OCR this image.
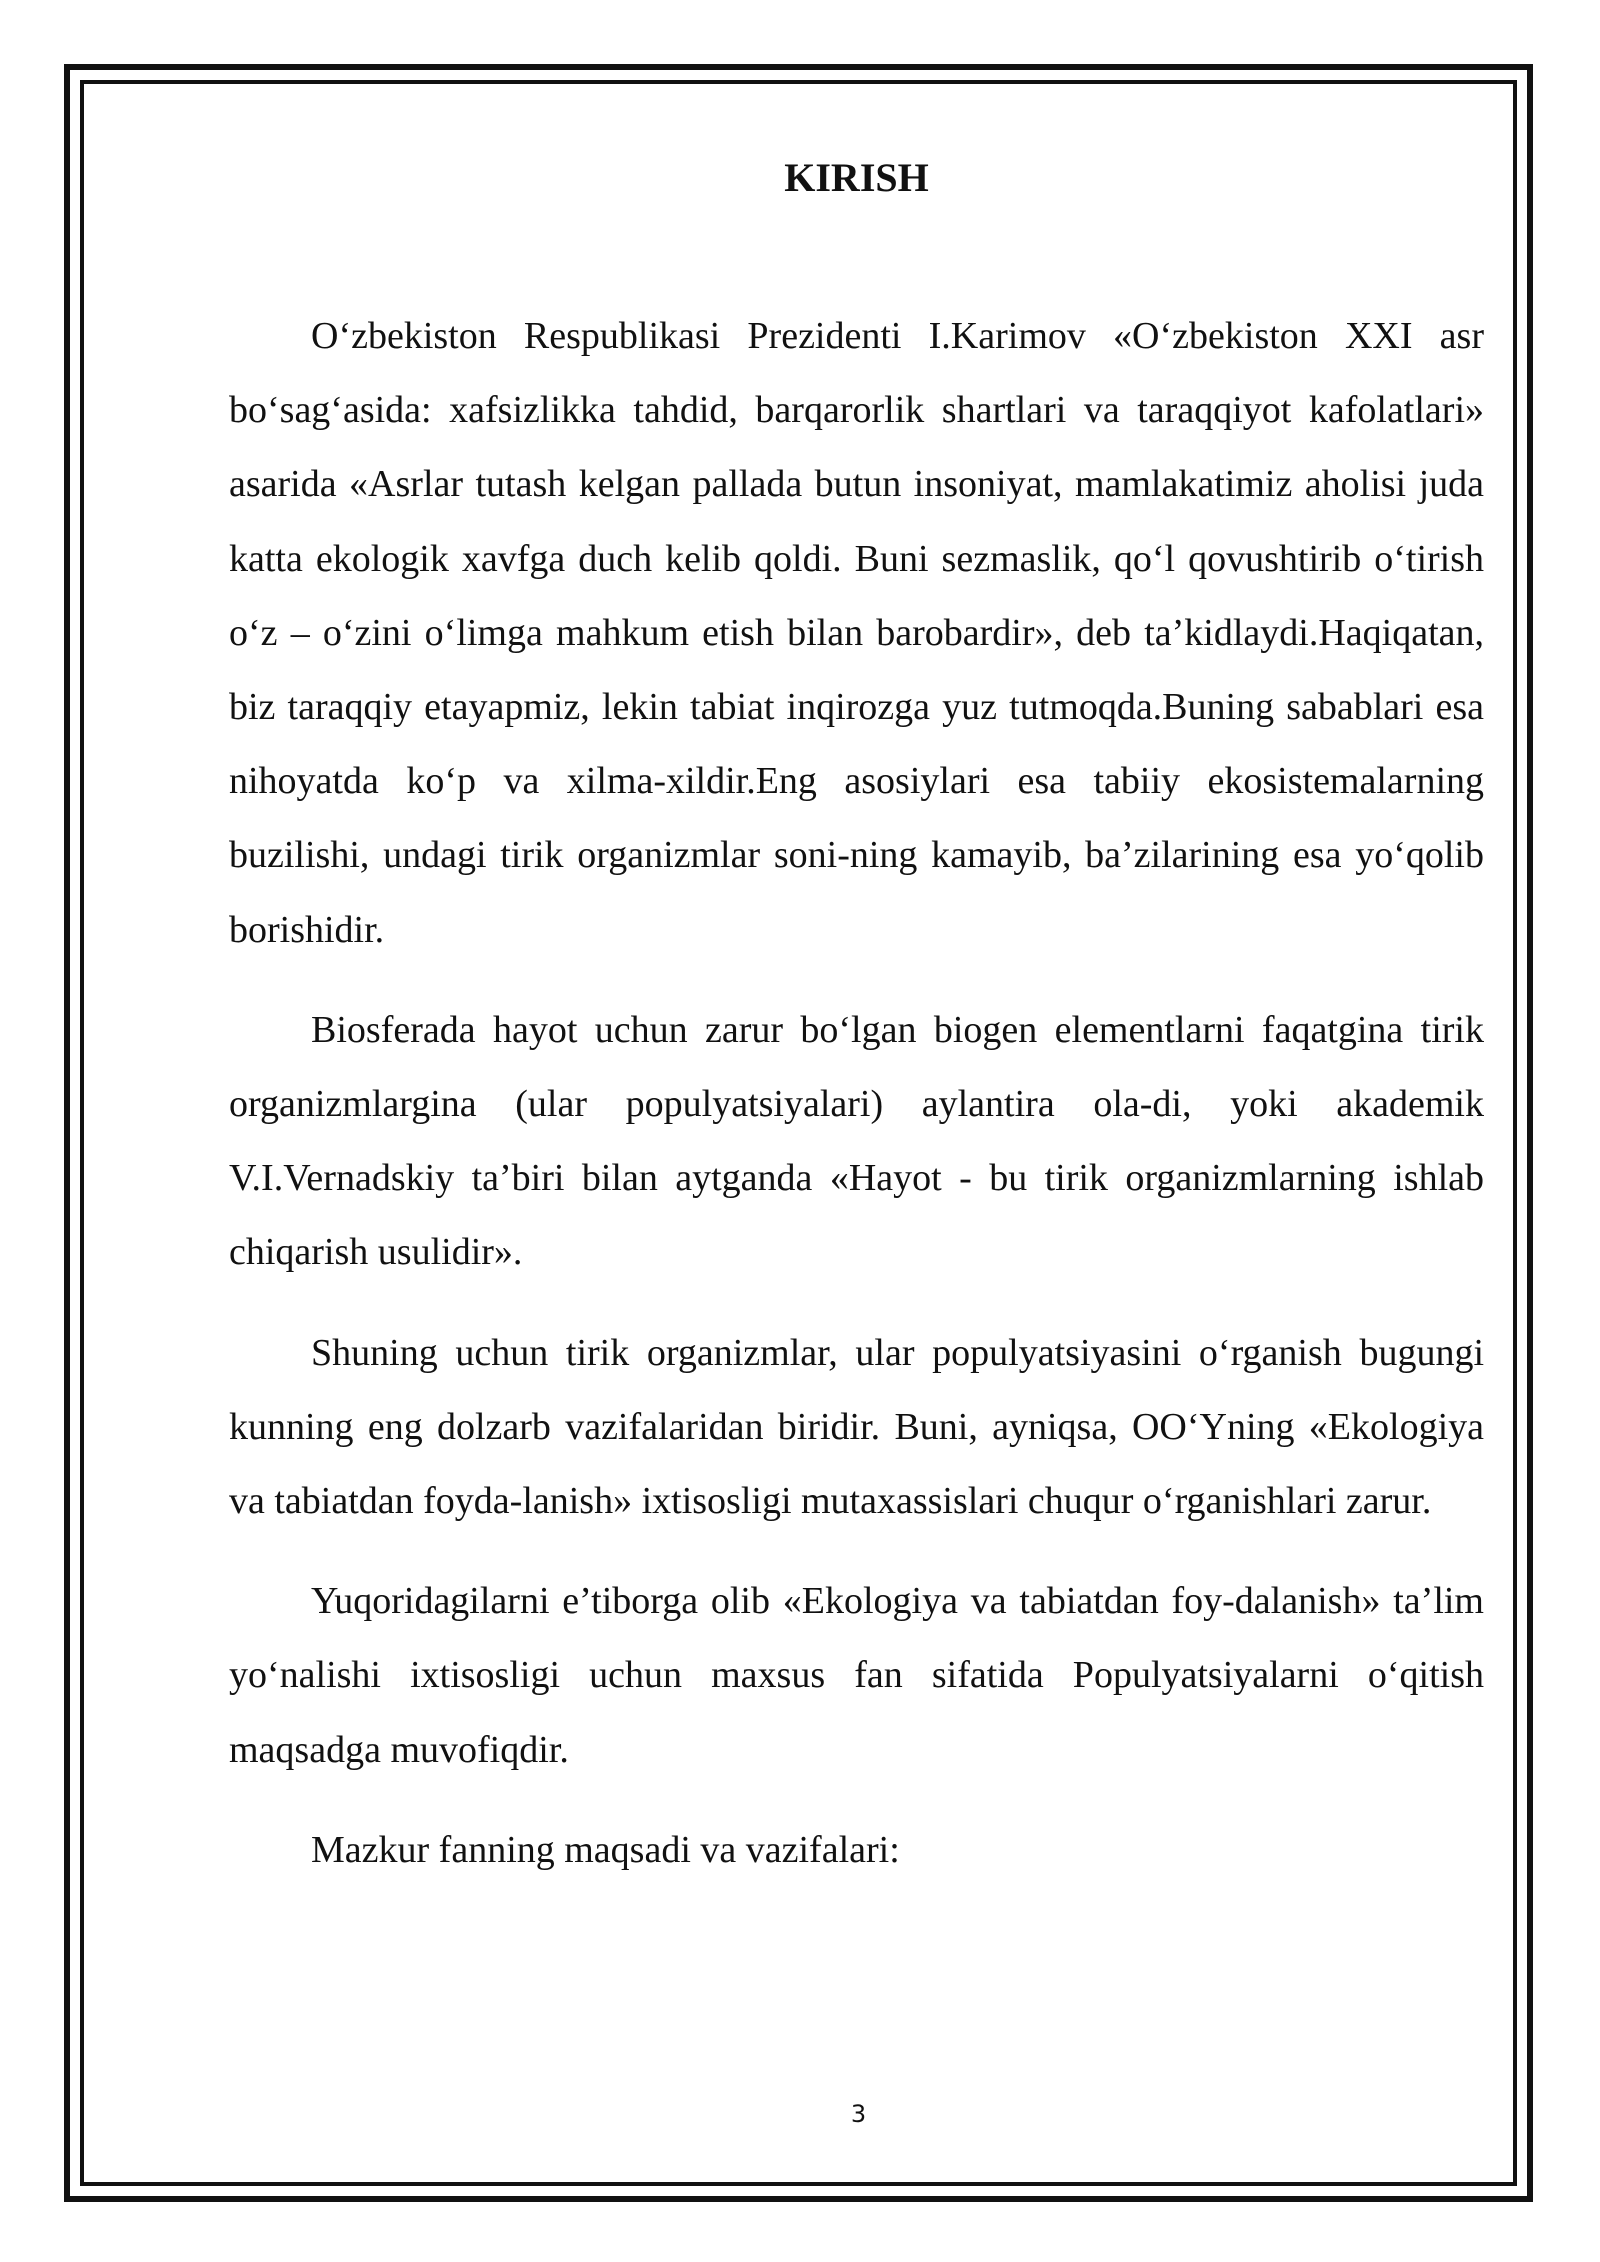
KIRISH

O‘zbekiston Respublikasi Prezidenti I.Karimov «O‘zbekiston XXI asr bo‘sag‘asida: xafsizlikka tahdid, barqarorlik shartlari va taraqqiyot kafolatlari» asarida «Asrlar tutash kelgan pallada butun insoniyat, mamlakatimiz aholisi juda katta ekologik xavfga duch kelib qoldi. Buni sezmaslik, qo‘l qovushtirib o‘tirish o‘z – o‘zini o‘limga mahkum etish bilan barobardir», deb ta’kidlaydi.Haqiqatan, biz taraqqiy etayapmiz, lekin tabiat inqirozga yuz tutmoqda.Buning sabablari esa nihoyatda ko‘p va xilma-xildir.Eng asosiylari esa tabiiy ekosistemalarning buzilishi, undagi tirik organizmlar soni-ning kamayib, ba’zilarining esa yo‘qolib borishidir.

Biosferada hayot uchun zarur bo‘lgan biogen elementlarni faqatgina tirik organizmlargina (ular populyatsiyalari) aylantira ola-di, yoki akademik V.I.Vernadskiy ta’biri bilan aytganda «Hayot - bu tirik organizmlarning ishlab chiqarish usulidir».

Shuning uchun tirik organizmlar, ular populyatsiyasini o‘rganish bugungi kunning eng dolzarb vazifalaridan biridir. Buni, ayniqsa, OO‘Yning «Ekologiya va tabiatdan foyda-lanish» ixtisosligi mutaxassislari chuqur o‘rganishlari zarur.

Yuqoridagilarni e’tiborga olib «Ekologiya va tabiatdan foy-dalanish» ta’lim yo‘nalishi ixtisosligi uchun maxsus fan sifatida Populyatsiyalarni o‘qitish maqsadga muvofiqdir.

Mazkur fanning maqsadi va vazifalari:

3
